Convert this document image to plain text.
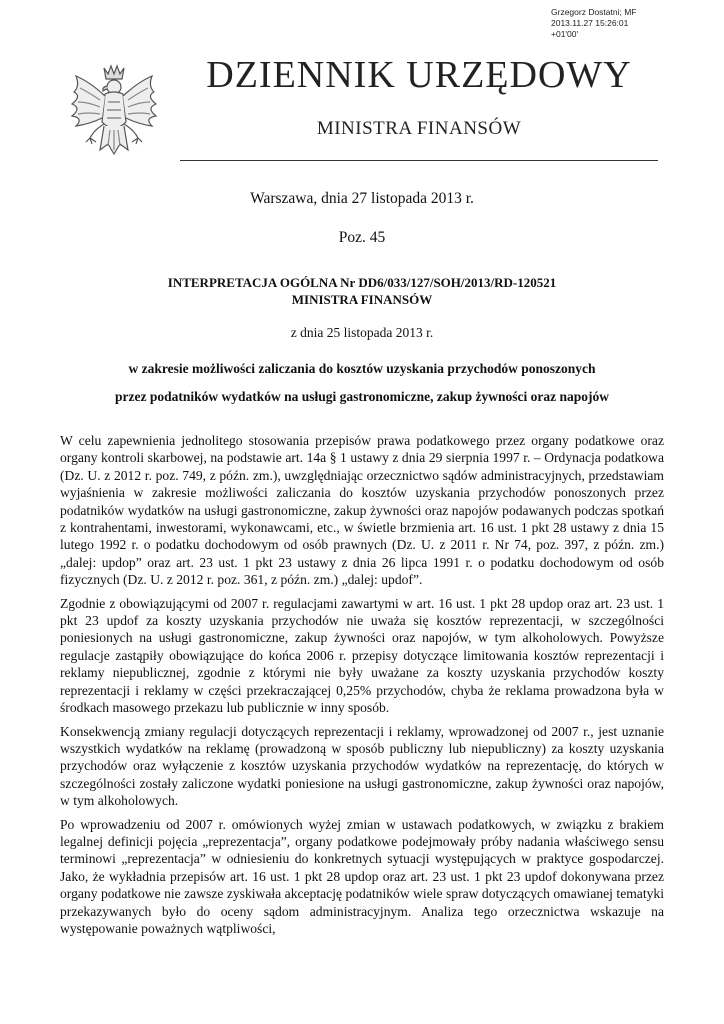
Grzegorz Dostatni; MF
2013.11.27 15:26:01
+01'00'
DZIENNIK URZĘDOWY
MINISTRA FINANSÓW
Warszawa, dnia 27 listopada 2013 r.
Poz. 45
INTERPRETACJA OGÓLNA Nr DD6/033/127/SOH/2013/RD-120521
MINISTRA FINANSÓW
z dnia 25 listopada 2013 r.
w zakresie możliwości zaliczania do kosztów uzyskania przychodów ponoszonych
przez podatników wydatków na usługi gastronomiczne, zakup żywności oraz napojów

W celu zapewnienia jednolitego stosowania przepisów prawa podatkowego przez organy podatkowe oraz organy kontroli skarbowej, na podstawie art. 14a § 1 ustawy z dnia 29 sierpnia 1997 r. – Ordynacja podatkowa (Dz. U. z 2012 r. poz. 749, z późn. zm.), uwzględniając orzecznictwo sądów administracyjnych, przedstawiam wyjaśnienia w zakresie możliwości zaliczania do kosztów uzyskania przychodów ponoszonych przez podatników wydatków na usługi gastronomiczne, zakup żywności oraz napojów podawanych podczas spotkań z kontrahentami, inwestorami, wykonawcami, etc., w świetle brzmienia art. 16 ust. 1 pkt 28 ustawy z dnia 15 lutego 1992 r. o podatku dochodowym od osób prawnych (Dz. U. z 2011 r. Nr 74, poz. 397, z późn. zm.) „dalej: updop” oraz art. 23 ust. 1 pkt 23 ustawy z dnia 26 lipca 1991 r. o podatku dochodowym od osób fizycznych (Dz. U. z 2012 r. poz. 361, z późn. zm.) „dalej: updof”.

Zgodnie z obowiązującymi od 2007 r. regulacjami zawartymi w art. 16 ust. 1 pkt 28 updop oraz art. 23 ust. 1 pkt 23 updof za koszty uzyskania przychodów nie uważa się kosztów reprezentacji, w szczególności poniesionych na usługi gastronomiczne, zakup żywności oraz napojów, w tym alkoholowych. Powyższe regulacje zastąpiły obowiązujące do końca 2006 r. przepisy dotyczące limitowania kosztów reprezentacji i reklamy niepublicznej, zgodnie z którymi nie były uważane za koszty uzyskania przychodów koszty reprezentacji i reklamy w części przekraczającej 0,25% przychodów, chyba że reklama prowadzona była w środkach masowego przekazu lub publicznie w inny sposób.

Konsekwencją zmiany regulacji dotyczących reprezentacji i reklamy, wprowadzonej od 2007 r., jest uznanie wszystkich wydatków na reklamę (prowadzoną w sposób publiczny lub niepubliczny) za koszty uzyskania przychodów oraz wyłączenie z kosztów uzyskania przychodów wydatków na reprezentację, do których w szczególności zostały zaliczone wydatki poniesione na usługi gastronomiczne, zakup żywności oraz napojów, w tym alkoholowych.

Po wprowadzeniu od 2007 r. omówionych wyżej zmian w ustawach podatkowych, w związku z brakiem legalnej definicji pojęcia „reprezentacja”, organy podatkowe podejmowały próby nadania właściwego sensu terminowi „reprezentacja” w odniesieniu do konkretnych sytuacji występujących w praktyce gospodarczej. Jako, że wykładnia przepisów art. 16 ust. 1 pkt 28 updop oraz art. 23 ust. 1 pkt 23 updof dokonywana przez organy podatkowe nie zawsze zyskiwała akceptację podatników wiele spraw dotyczących omawianej tematyki przekazywanych było do oceny sądom administracyjnym. Analiza tego orzecznictwa wskazuje na występowanie poważnych wątpliwości,
